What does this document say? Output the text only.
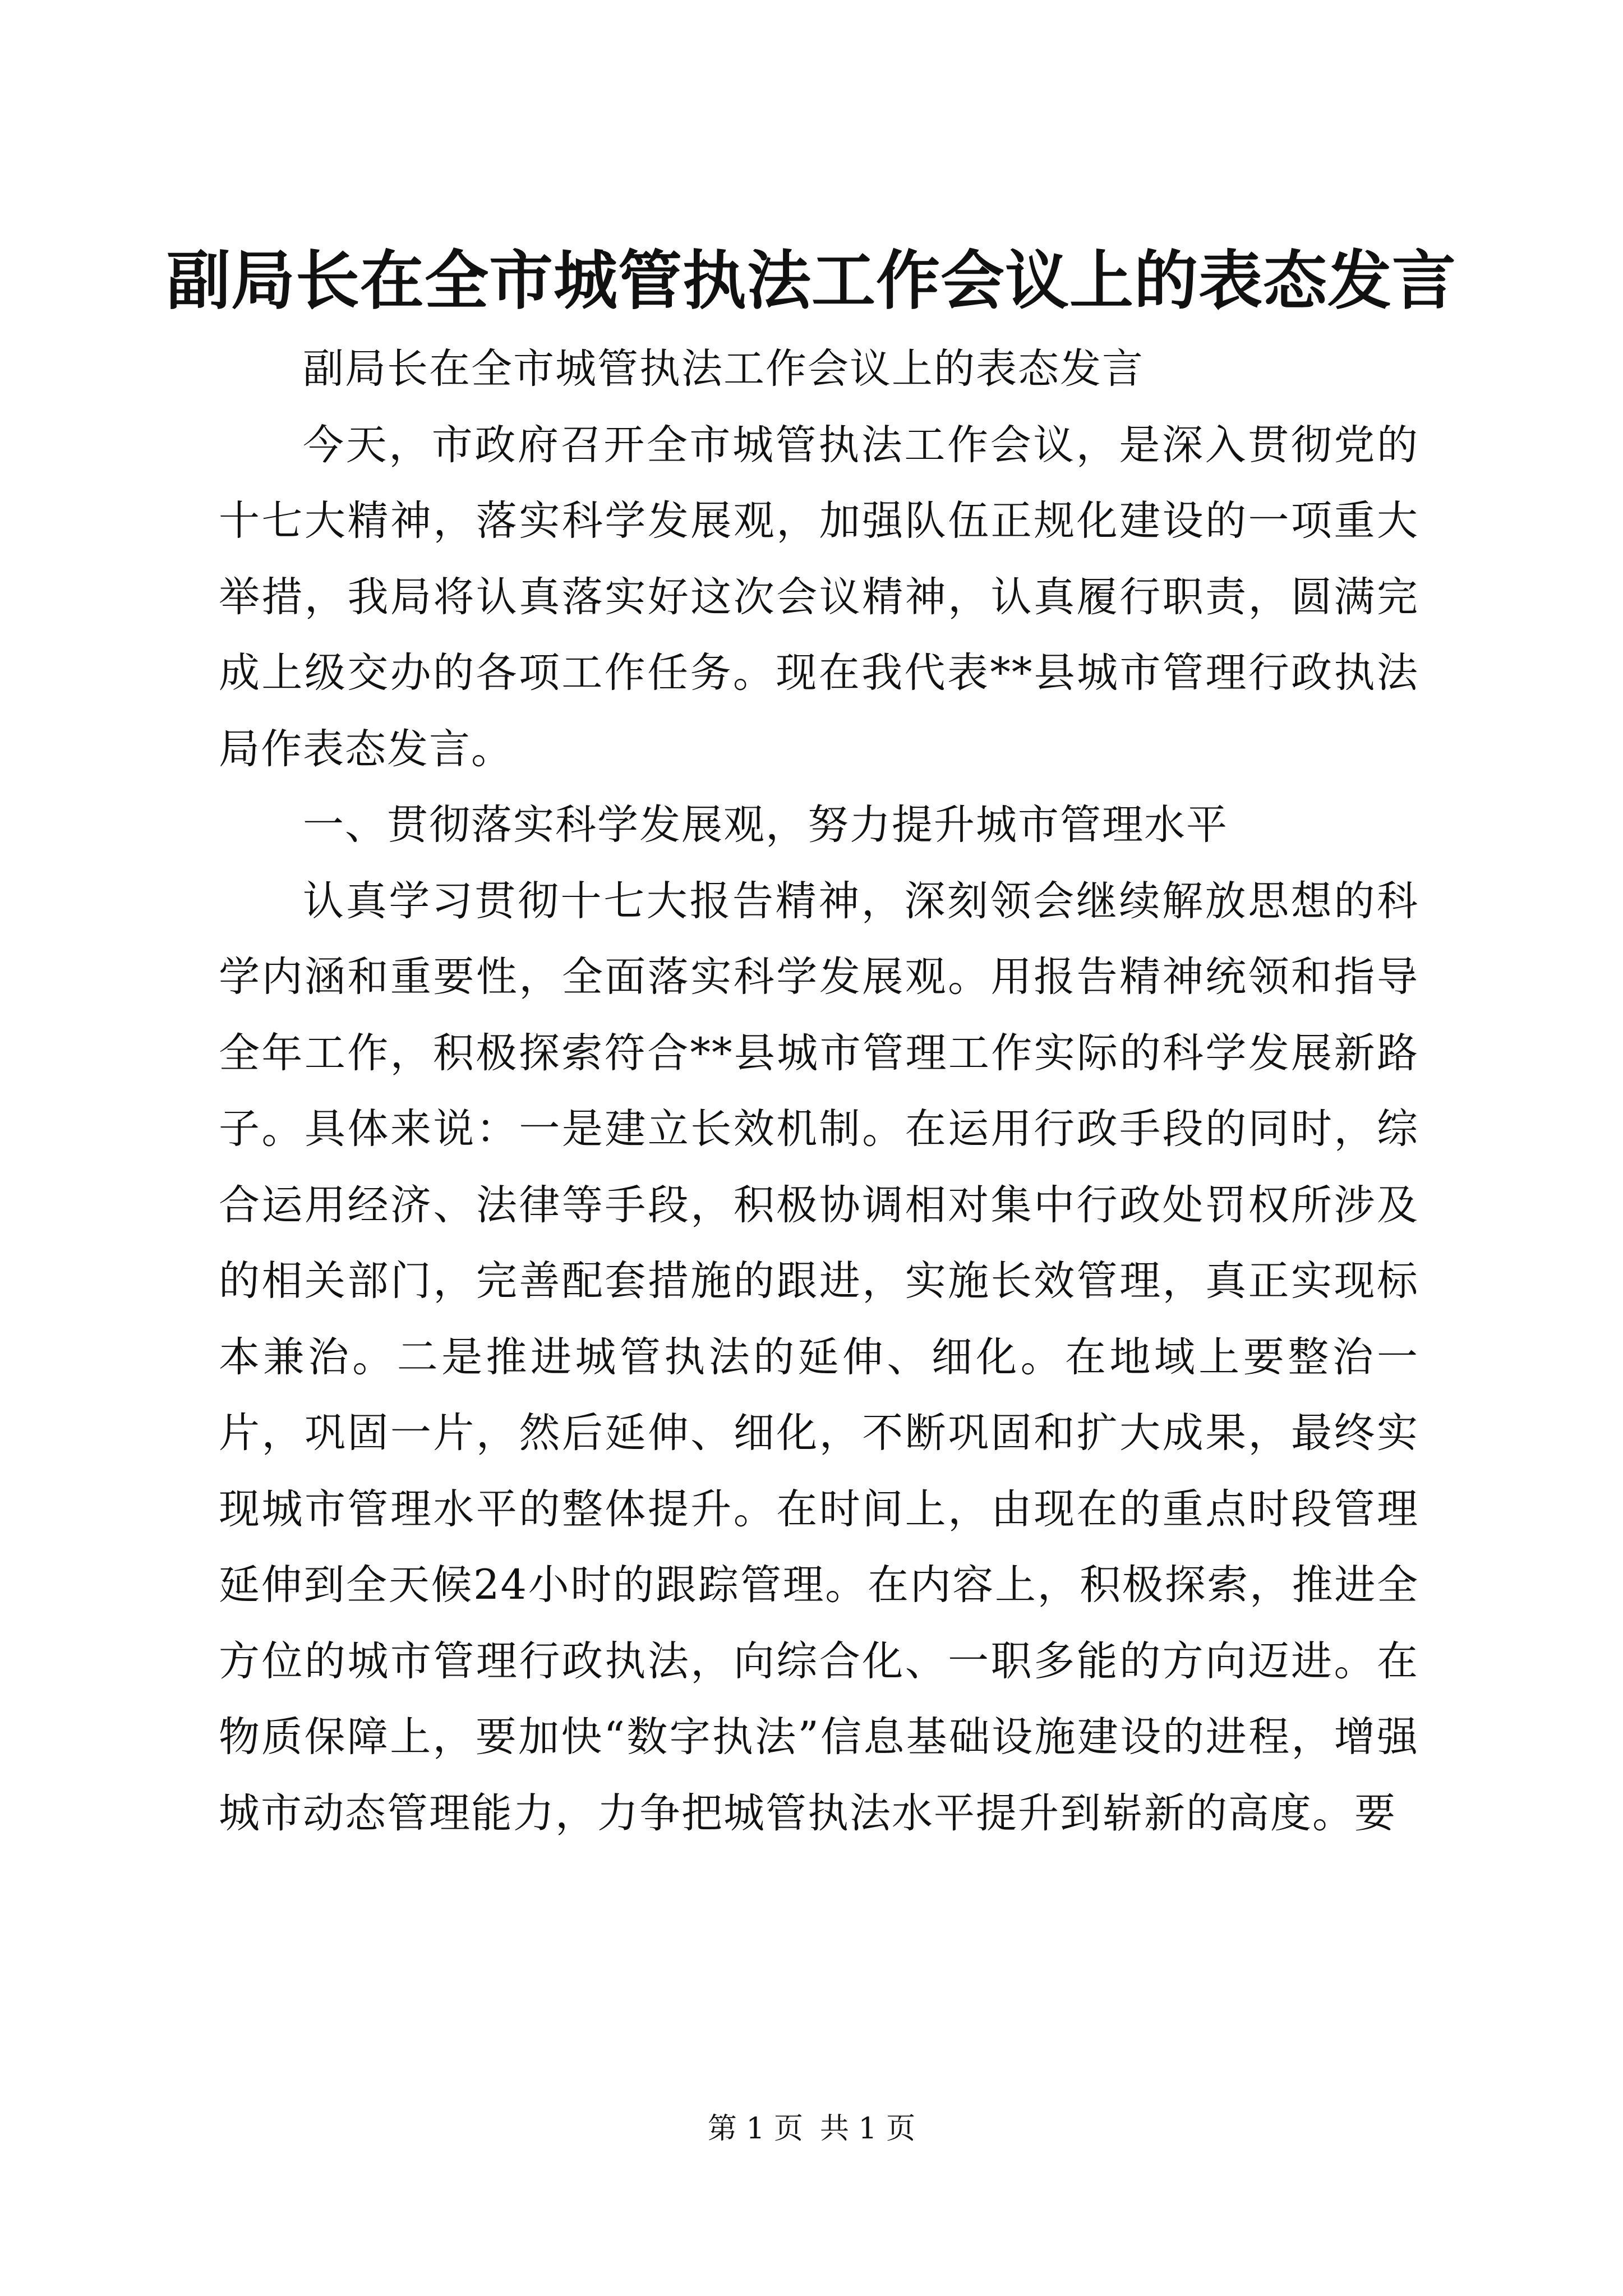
副局长在全市城管执法工作会议上的表态发言

副局长在全市城管执法工作会议上的表态发言

今天，市政府召开全市城管执法工作会议，是深入贯彻党的十七大精神，落实科学发展观，加强队伍正规化建设的一项重大举措，我局将认真落实好这次会议精神，认真履行职责，圆满完成上级交办的各项工作任务。现在我代表**县城市管理行政执法局作表态发言。

一、贯彻落实科学发展观，努力提升城市管理水平

认真学习贯彻十七大报告精神，深刻领会继续解放思想的科学内涵和重要性，全面落实科学发展观。用报告精神统领和指导全年工作，积极探索符合**县城市管理工作实际的科学发展新路子。具体来说：一是建立长效机制。在运用行政手段的同时，综合运用经济、法律等手段，积极协调相对集中行政处罚权所涉及的相关部门，完善配套措施的跟进，实施长效管理，真正实现标本兼治。二是推进城管执法的延伸、细化。在地域上要整治一片，巩固一片，然后延伸、细化，不断巩固和扩大成果，最终实现城市管理水平的整体提升。在时间上，由现在的重点时段管理延伸到全天候24小时的跟踪管理。在内容上，积极探索，推进全方位的城市管理行政执法，向综合化、一职多能的方向迈进。在物质保障上，要加快“数字执法”信息基础设施建设的进程，增强城市动态管理能力，力争把城管执法水平提升到崭新的高度。要

第 1 页 共 1 页
